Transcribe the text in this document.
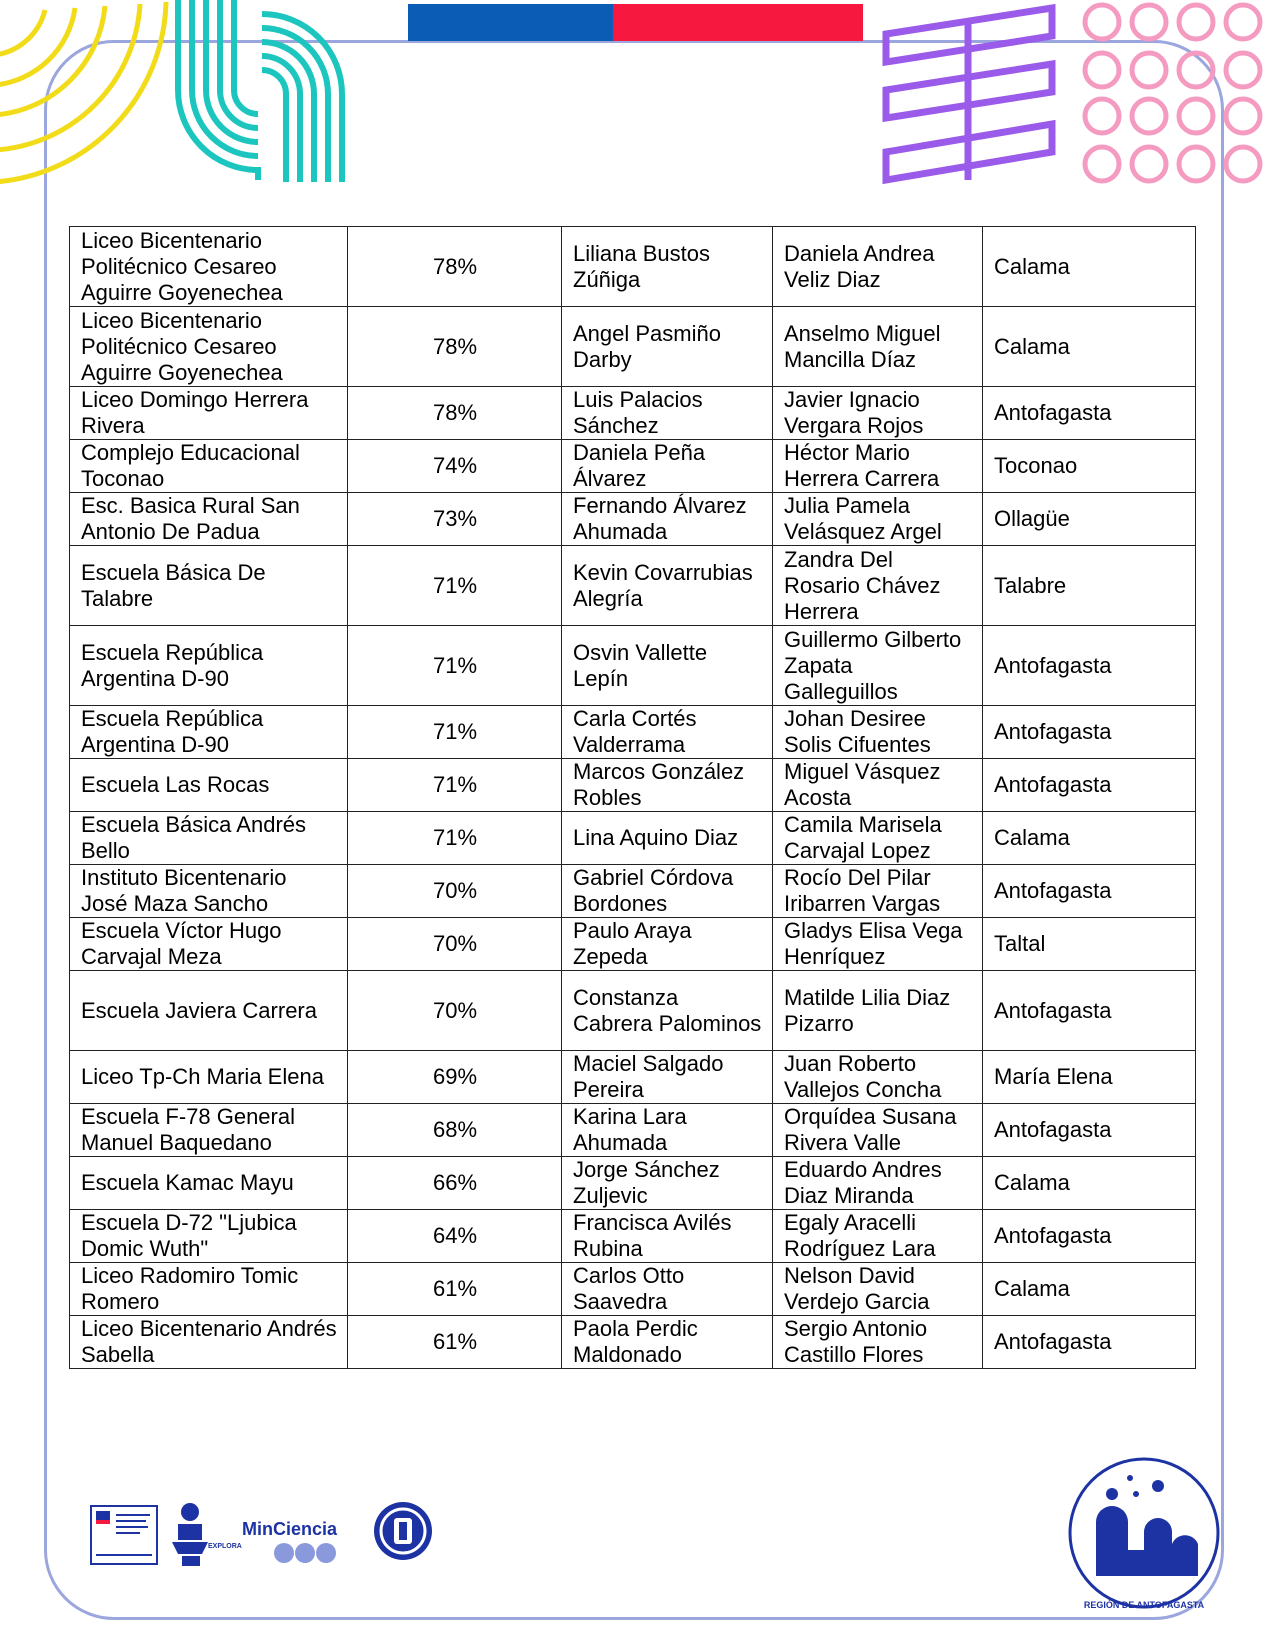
Liceo Bicentenario Politécnico Cesareo Aguirre Goyenechea	78%	Liliana Bustos Zúñiga	Daniela Andrea Veliz Diaz	Calama
Liceo Bicentenario Politécnico Cesareo Aguirre Goyenechea	78%	Angel Pasmiño Darby	Anselmo Miguel Mancilla Díaz	Calama
Liceo Domingo Herrera Rivera	78%	Luis Palacios Sánchez	Javier Ignacio Vergara Rojos	Antofagasta
Complejo Educacional Toconao	74%	Daniela Peña Álvarez	Héctor Mario Herrera Carrera	Toconao
Esc. Basica Rural San Antonio De Padua	73%	Fernando Álvarez Ahumada	Julia Pamela Velásquez Argel	Ollagüe
Escuela Básica De Talabre	71%	Kevin Covarrubias Alegría	Zandra Del Rosario Chávez Herrera	Talabre
Escuela República Argentina D-90	71%	Osvin Vallette Lepín	Guillermo Gilberto Zapata Galleguillos	Antofagasta
Escuela República Argentina D-90	71%	Carla Cortés Valderrama	Johan Desiree Solis Cifuentes	Antofagasta
Escuela Las Rocas	71%	Marcos González Robles	Miguel Vásquez Acosta	Antofagasta
Escuela Básica Andrés Bello	71%	Lina Aquino Diaz	Camila Marisela Carvajal Lopez	Calama
Instituto Bicentenario José Maza Sancho	70%	Gabriel Córdova Bordones	Rocío Del Pilar Iribarren Vargas	Antofagasta
Escuela Víctor Hugo Carvajal Meza	70%	Paulo Araya Zepeda	Gladys Elisa Vega Henríquez	Taltal
Escuela Javiera Carrera	70%	Constanza Cabrera Palominos	Matilde Lilia Diaz Pizarro	Antofagasta
Liceo Tp-Ch Maria Elena	69%	Maciel Salgado Pereira	Juan Roberto Vallejos Concha	María Elena
Escuela F-78 General Manuel Baquedano	68%	Karina Lara Ahumada	Orquídea Susana Rivera Valle	Antofagasta
Escuela Kamac Mayu	66%	Jorge Sánchez Zuljevic	Eduardo Andres Diaz Miranda	Calama
Escuela D-72 "Ljubica Domic Wuth"	64%	Francisca Avilés Rubina	Egaly Aracelli Rodríguez Lara	Antofagasta
Liceo Radomiro Tomic Romero	61%	Carlos Otto Saavedra	Nelson David Verdejo Garcia	Calama
Liceo Bicentenario Andrés Sabella	61%	Paola Perdic Maldonado	Sergio Antonio Castillo Flores	Antofagasta
EXPLORA
MinCiencia
REGIÓN DE ANTOFAGASTA
